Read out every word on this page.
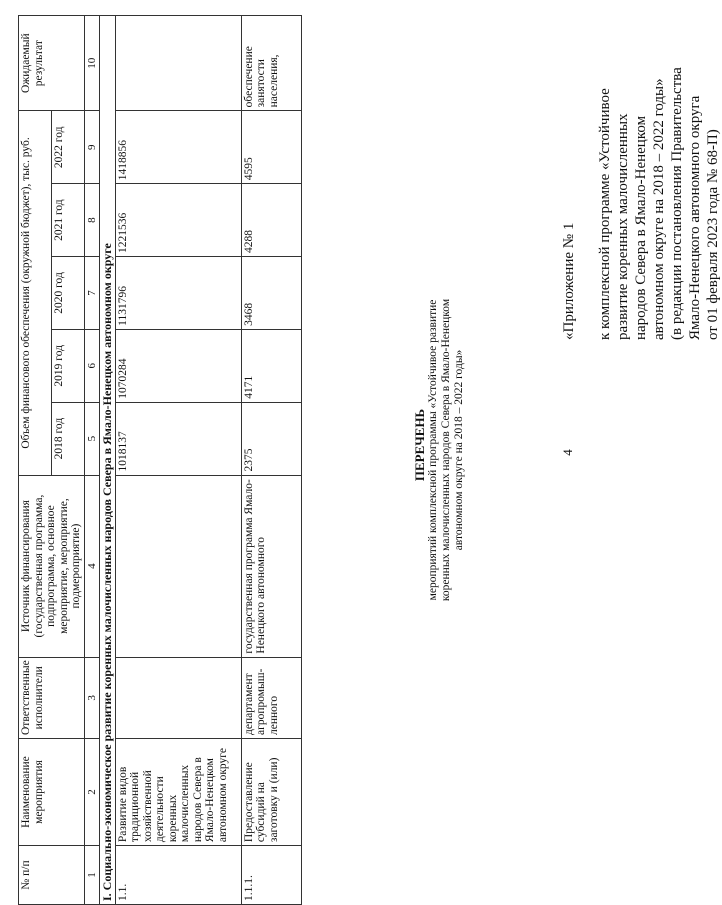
4
«Приложение № 1 к комплексной программе «Устойчивое развитие коренных малочисленных народов Севера в Ямало-Ненецком автономном округе на 2018 – 2022 годы» (в редакции постановления Правительства Ямало-Ненецкого автономного округа от 01 февраля 2023 года № 68-П)
ПЕРЕЧЕНЬ мероприятий комплексной программы «Устойчивое развитие коренных малочисленных народов Севера в Ямало-Ненецком автономном округе на 2018 – 2022 годы»
№ п/п	Наименование мероприятия	Ответственные исполнители	Источник финансирования (государственная программа, подпрограмма, основное мероприятие, мероприятие, подмероприятие)	Объем финансового обеспечения (окружной бюджет), тыс. руб.					Ожидаемый результат
				2018 год	2019 год	2020 год	2021 год	2022 год	
1	2	3	4	5	6	7	8	9	10
I. Социально-экономическое развитие коренных малочисленных народов Севера в Ямало-Ненецком автономном округе									
1.1.	Развитие видов традиционной хозяйственной деятельности коренных малочисленных народов Севера в Ямало-Ненецком автономном округе			1018137	1070284	1131796	1221536	1418856	
1.1.1.	Предоставление субсидий на заготовку и (или)	департамент агропромыш-ленного	государственная программа Ямало-Ненецкого автономного	2375	4171	3468	4288	4595	обеспечение занятости населения,
